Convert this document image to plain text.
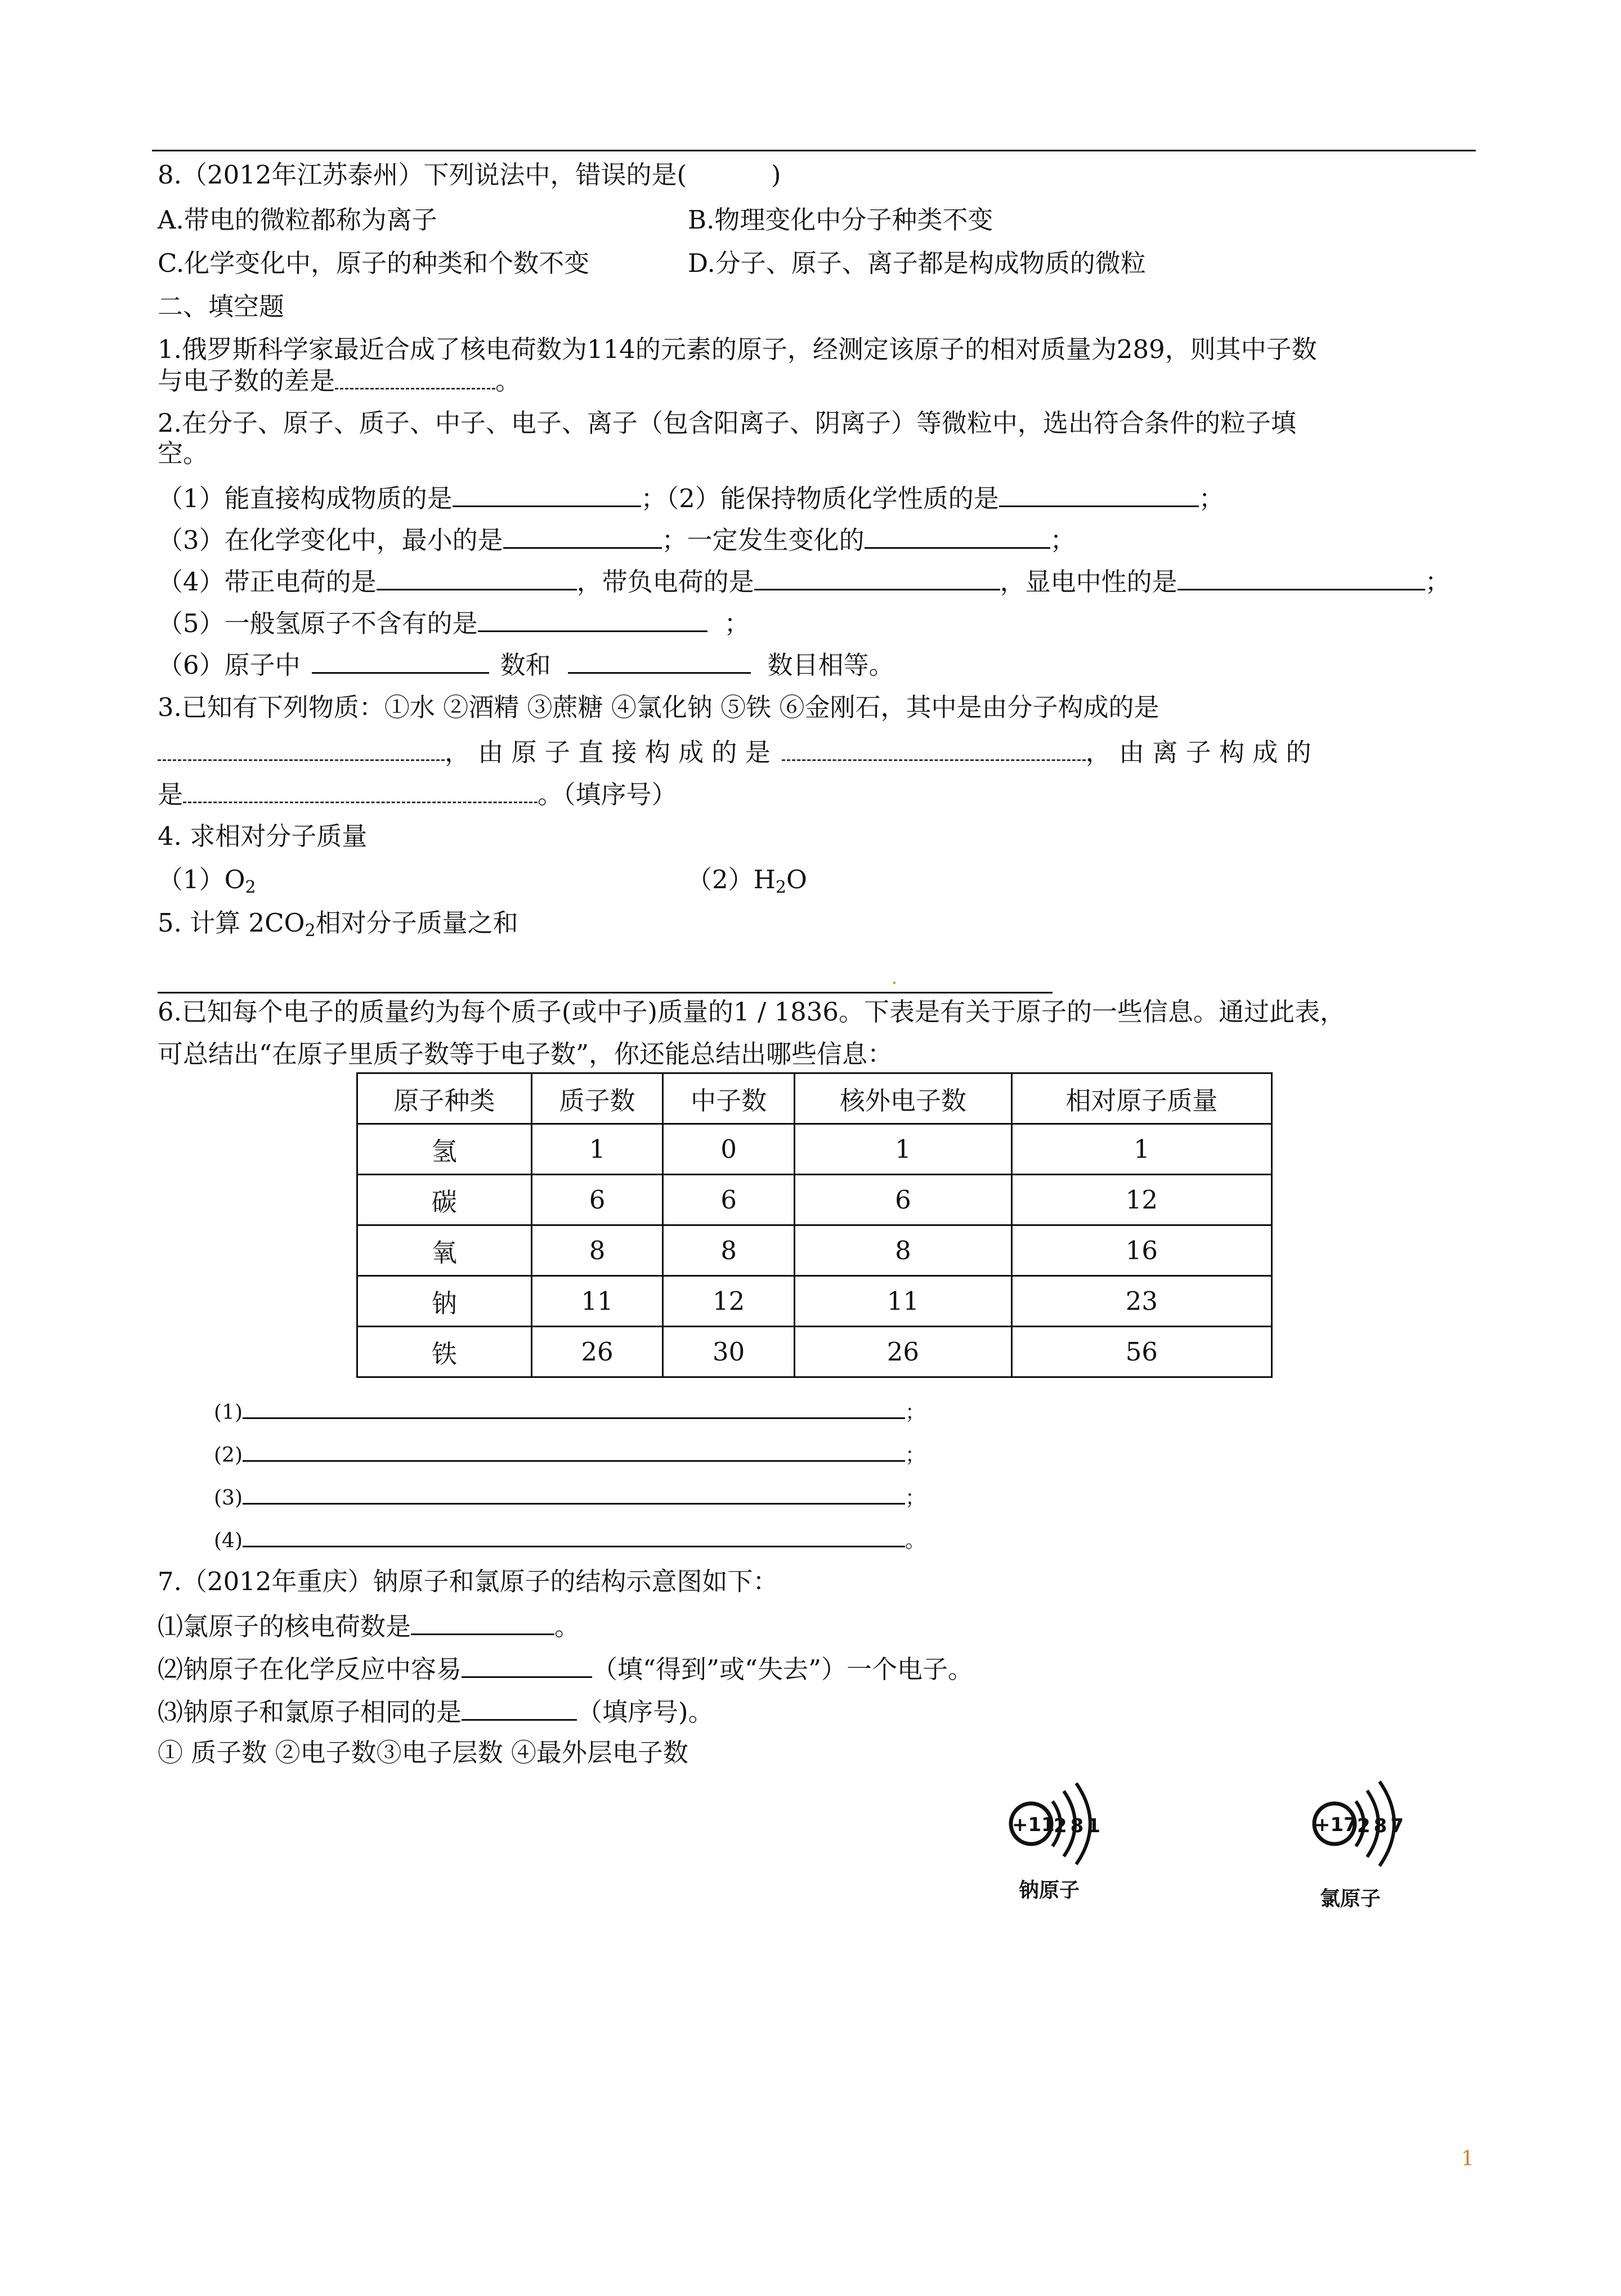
8.（2012年江苏泰州）下列说法中，错误的是(	)
A.带电的微粒都称为离子	B.物理变化中分子种类不变
C.化学变化中，原子的种类和个数不变	D.分子、原子、离子都是构成物质的微粒
二、填空题
1.俄罗斯科学家最近合成了核电荷数为114的元素的原子，经测定该原子的相对质量为289，则其中子数
与电子数的差是	。
2.在分子、原子、质子、中子、电子、离子（包含阳离子、阴离子）等微粒中，选出符合条件的粒子填
空。
（1）能直接构成物质的是	；（2）能保持物质化学性质的是	；
（3）在化学变化中，最小的是	；一定发生变化的	；
（4）带正电荷的是	，带负电荷的是	，显电中性的是	；
（5）一般氢原子不含有的是	；
（6）原子中	数和	数目相等。
3.已知有下列物质：①水 ②酒精 ③蔗糖 ④氯化钠 ⑤铁 ⑥金刚石，其中是由分子构成的是
， 由 原 子 直 接 构 成 的 是	， 由 离 子 构 成 的
是	。（填序号）
4. 求相对分子质量
$(1)O_2$	$(2)H_2O$
5. 计算 $2CO_2$相对分子质量之和
6.已知每个电子的质量约为每个质子(或中子)质量的1 / 1836。下表是有关于原子的一些信息。通过此表，
可总结出“在原子里质子数等于电子数”，你还能总结出哪些信息：
原子种类	质子数	中子数	核外电子数	相对原子质量
氢	1	0	1	1
碳	6	6	6	12
氧	8	8	8	16
钠	11	12	11	23
铁	26	30	26	56
(1)	；
(2)	；
(3)	；
(4)	。
7.（2012年重庆）钠原子和氯原子的结构示意图如下：
⑴氯原子的核电荷数是	。
⑵钠原子在化学反应中容易	（填“得到”或“失去”）一个电子。
⑶钠原子和氯原子相同的是	（填序号)。
① 质子数 ②电子数③电子层数 ④最外层电子数
+11
281
钠原子
+17 287
氯原子
1
